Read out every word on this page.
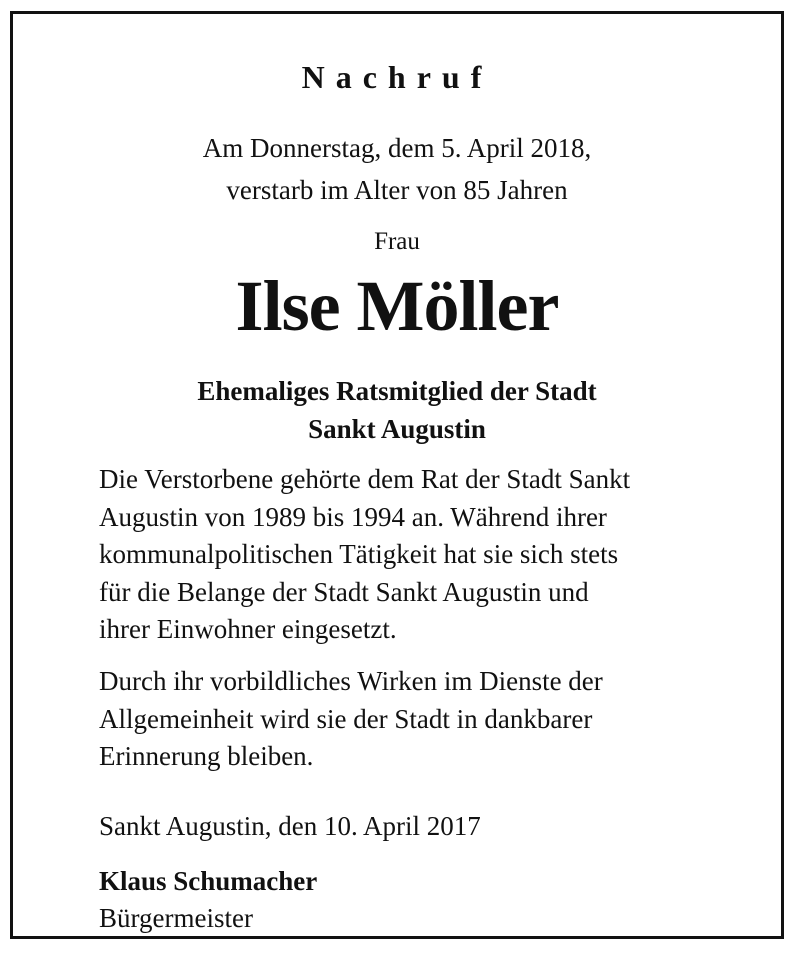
Nachruf
Am Donnerstag, dem 5. April 2018,
verstarb im Alter von 85 Jahren
Frau
Ilse Möller
Ehemaliges Ratsmitglied der Stadt
Sankt Augustin
Die Verstorbene gehörte dem Rat der Stadt Sankt
Augustin von 1989 bis 1994 an. Während ihrer
kommunalpolitischen Tätigkeit hat sie sich stets
für die Belange der Stadt Sankt Augustin und
ihrer Einwohner eingesetzt.
Durch ihr vorbildliches Wirken im Dienste der
Allgemeinheit wird sie der Stadt in dankbarer
Erinnerung bleiben.
Sankt Augustin, den 10. April 2017
Klaus Schumacher
Bürgermeister
